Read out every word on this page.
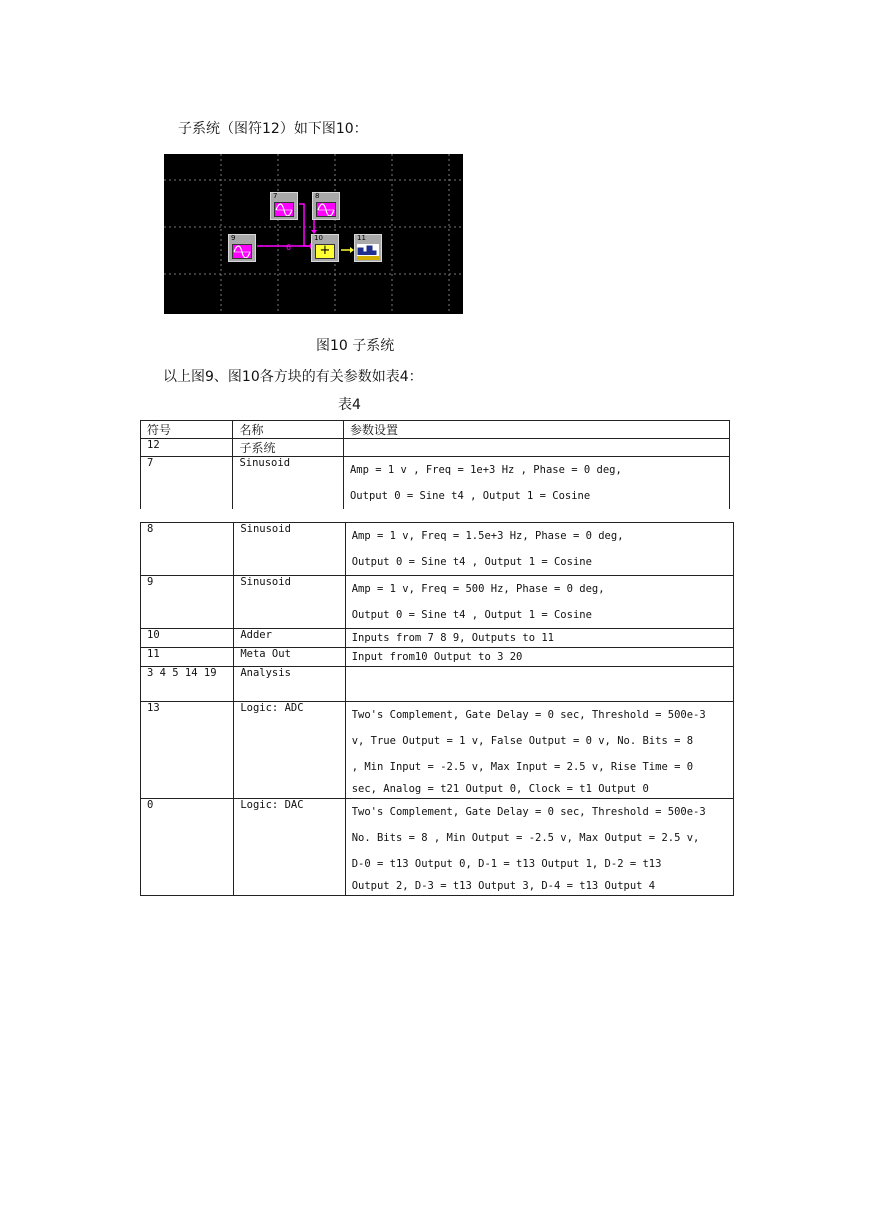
子系统（图符12）如下图10：
6
7	8
9	10
+
11
图10 子系统
以上图9、图10各方块的有关参数如表4：
表4
符号	名称	参数设置
12	子系统	
7	Sinusoid	Amp = 1 v , Freq = 1e+3 Hz , Phase = 0 deg,
Output 0 = Sine t4 , Output 1 = Cosine
8	Sinusoid	Amp = 1 v, Freq = 1.5e+3 Hz, Phase = 0 deg,
Output 0 = Sine t4 , Output 1 = Cosine

9	Sinusoid	Amp = 1 v, Freq = 500 Hz, Phase = 0 deg,
Output 0 = Sine t4 , Output 1 = Cosine

10	Adder	Inputs from 7 8 9, Outputs to 11

11	Meta Out	Input from10 Output to 3 20

3 4 5 14 19	Analysis	
13	Logic: ADC	Two's Complement, Gate Delay = 0 sec, Threshold = 500e-3
v, True Output = 1 v, False Output = 0 v, No. Bits = 8
, Min Input = -2.5 v, Max Input = 2.5 v, Rise Time = 0
sec, Analog = t21 Output 0, Clock = t1 Output 0

0	Logic: DAC	Two's Complement, Gate Delay = 0 sec, Threshold = 500e-3
No. Bits = 8 , Min Output = -2.5 v, Max Output = 2.5 v,
D-0 = t13 Output 0, D-1 = t13 Output 1, D-2 = t13
Output 2, D-3 = t13 Output 3, D-4 = t13 Output 4
